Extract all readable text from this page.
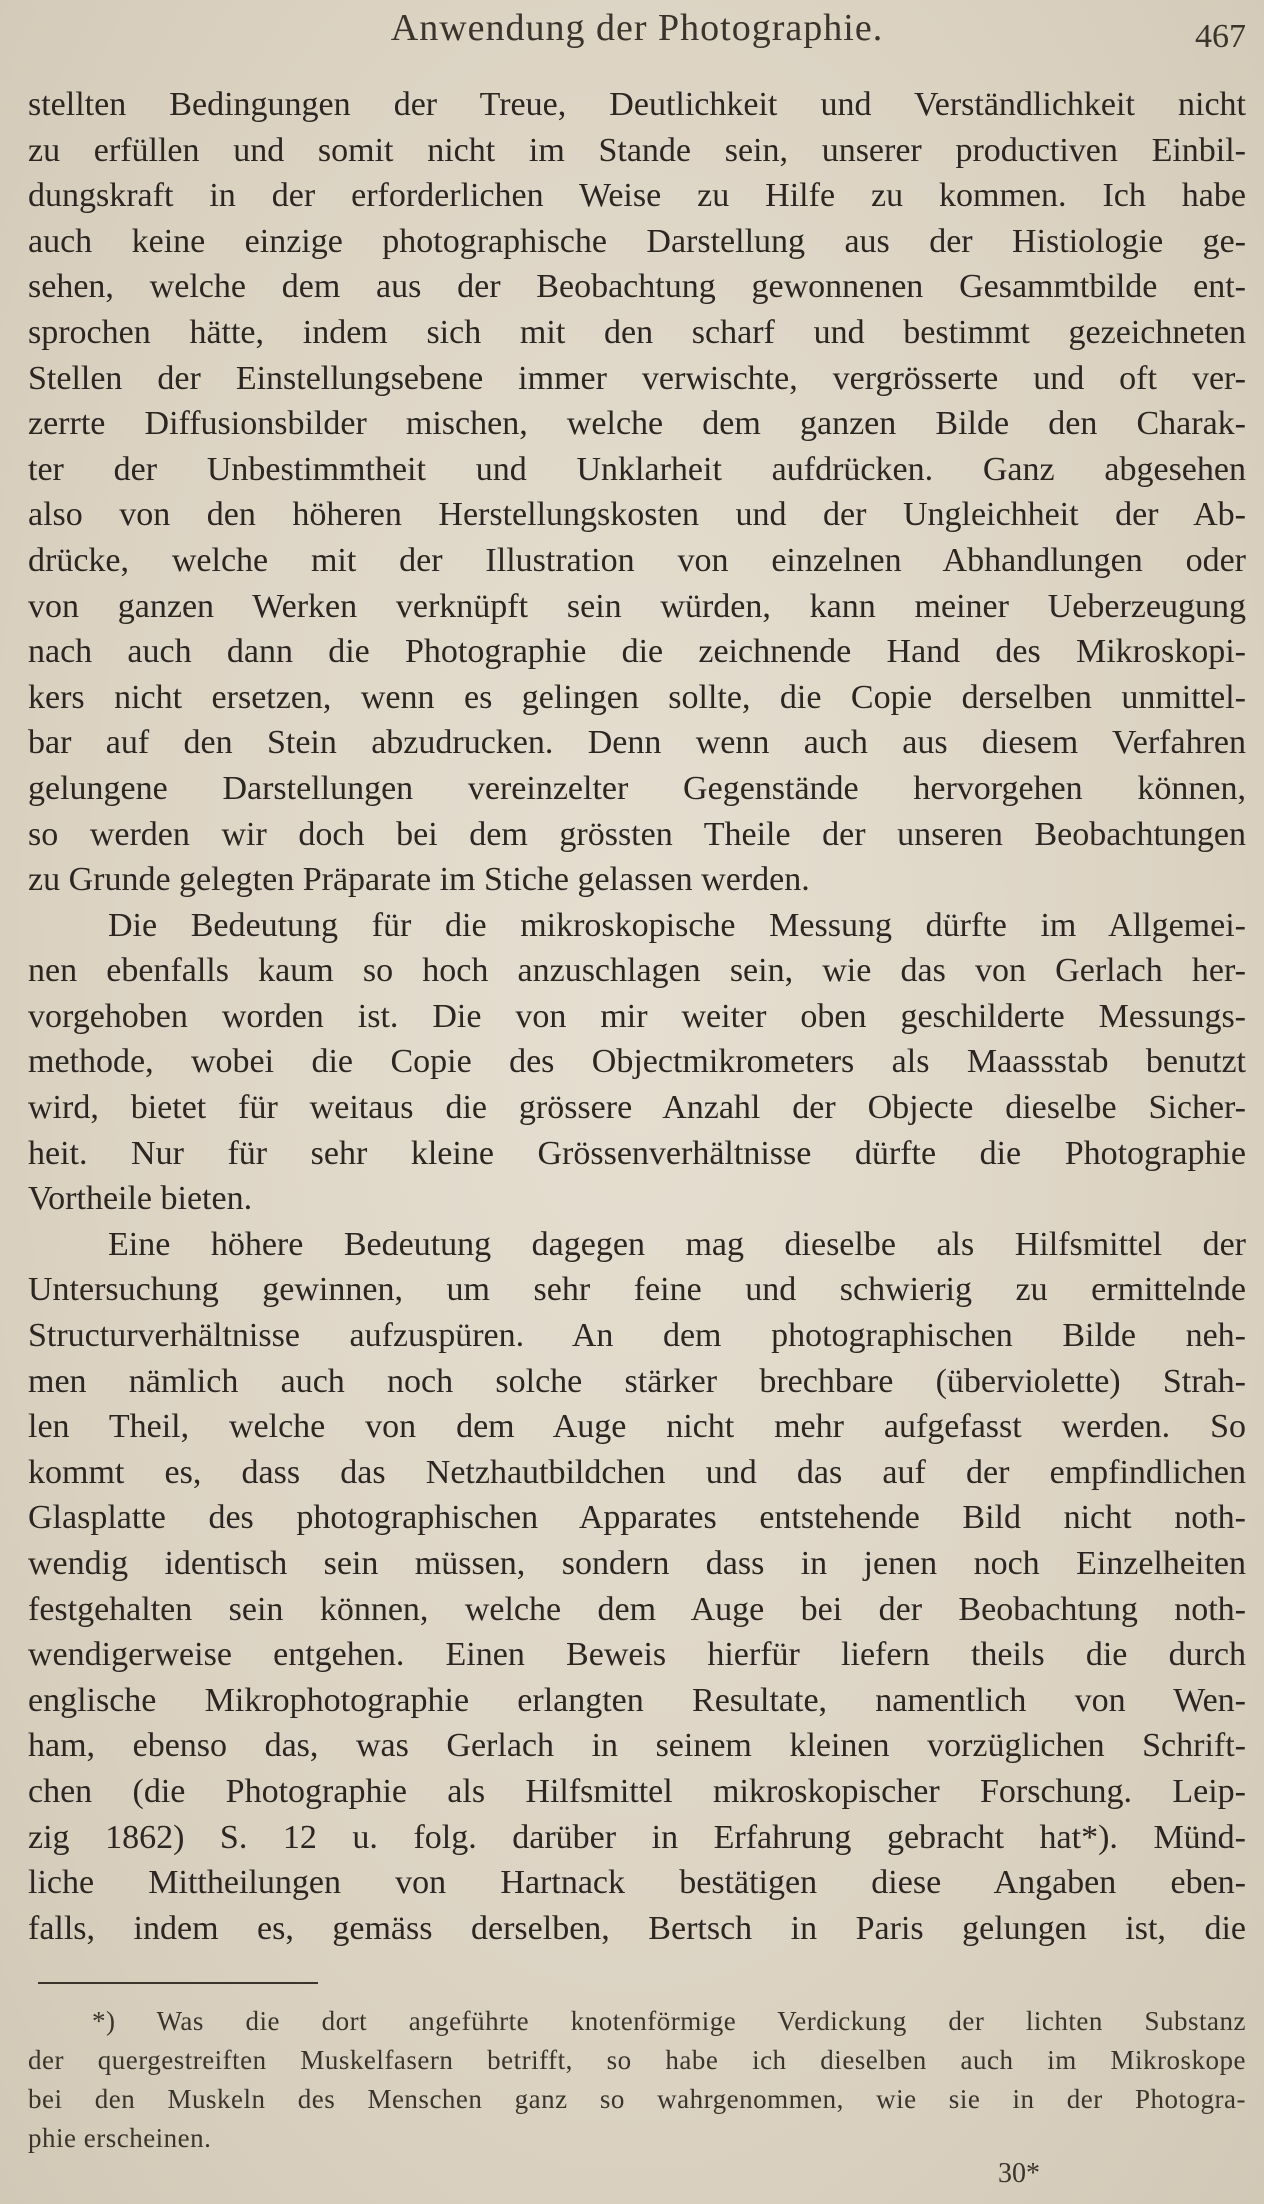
Anwendung der Photographie.	467
stellten Bedingungen der Treue, Deutlichkeit und Verständlichkeit nicht
zu erfüllen und somit nicht im Stande sein, unserer productiven Einbil-
dungskraft in der erforderlichen Weise zu Hilfe zu kommen. Ich habe
auch keine einzige photographische Darstellung aus der Histiologie ge-
sehen, welche dem aus der Beobachtung gewonnenen Gesammtbilde ent-
sprochen hätte, indem sich mit den scharf und bestimmt gezeichneten
Stellen der Einstellungsebene immer verwischte, vergrösserte und oft ver-
zerrte Diffusionsbilder mischen, welche dem ganzen Bilde den Charak-
ter der Unbestimmtheit und Unklarheit aufdrücken. Ganz abgesehen
also von den höheren Herstellungskosten und der Ungleichheit der Ab-
drücke, welche mit der Illustration von einzelnen Abhandlungen oder
von ganzen Werken verknüpft sein würden, kann meiner Ueberzeugung
nach auch dann die Photographie die zeichnende Hand des Mikroskopi-
kers nicht ersetzen, wenn es gelingen sollte, die Copie derselben unmittel-
bar auf den Stein abzudrucken. Denn wenn auch aus diesem Verfahren
gelungene Darstellungen vereinzelter Gegenstände hervorgehen können,
so werden wir doch bei dem grössten Theile der unseren Beobachtungen
zu Grunde gelegten Präparate im Stiche gelassen werden.
Die Bedeutung für die mikroskopische Messung dürfte im Allgemei-
nen ebenfalls kaum so hoch anzuschlagen sein, wie das von Gerlach her-
vorgehoben worden ist. Die von mir weiter oben geschilderte Messungs-
methode, wobei die Copie des Objectmikrometers als Maassstab benutzt
wird, bietet für weitaus die grössere Anzahl der Objecte dieselbe Sicher-
heit. Nur für sehr kleine Grössenverhältnisse dürfte die Photographie
Vortheile bieten.
Eine höhere Bedeutung dagegen mag dieselbe als Hilfsmittel der
Untersuchung gewinnen, um sehr feine und schwierig zu ermittelnde
Structurverhältnisse aufzuspüren. An dem photographischen Bilde neh-
men nämlich auch noch solche stärker brechbare (überviolette) Strah-
len Theil, welche von dem Auge nicht mehr aufgefasst werden. So
kommt es, dass das Netzhautbildchen und das auf der empfindlichen
Glasplatte des photographischen Apparates entstehende Bild nicht noth-
wendig identisch sein müssen, sondern dass in jenen noch Einzelheiten
festgehalten sein können, welche dem Auge bei der Beobachtung noth-
wendigerweise entgehen. Einen Beweis hierfür liefern theils die durch
englische Mikrophotographie erlangten Resultate, namentlich von Wen-
ham, ebenso das, was Gerlach in seinem kleinen vorzüglichen Schrift-
chen (die Photographie als Hilfsmittel mikroskopischer Forschung. Leip-
zig 1862) S. 12 u. folg. darüber in Erfahrung gebracht hat*). Münd-
liche Mittheilungen von Hartnack bestätigen diese Angaben eben-
falls, indem es, gemäss derselben, Bertsch in Paris gelungen ist, die
*) Was die dort angeführte knotenförmige Verdickung der lichten Substanz
der quergestreiften Muskelfasern betrifft, so habe ich dieselben auch im Mikroskope
bei den Muskeln des Menschen ganz so wahrgenommen, wie sie in der Photogra-
phie erscheinen.
30*
